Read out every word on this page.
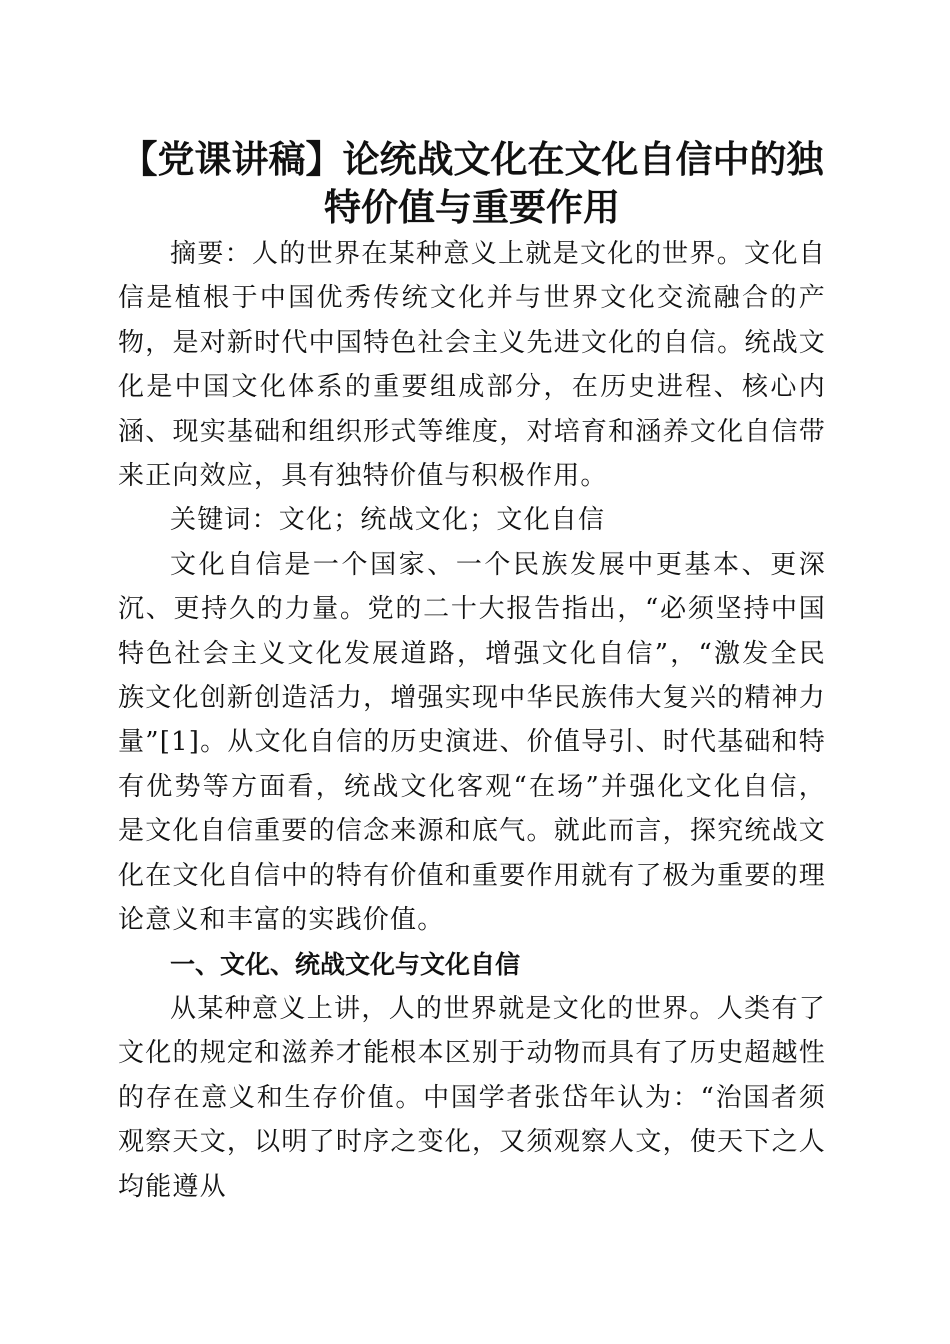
【党课讲稿】论统战文化在文化自信中的独特价值与重要作用

摘要：人的世界在某种意义上就是文化的世界。文化自信是植根于中国优秀传统文化并与世界文化交流融合的产物，是对新时代中国特色社会主义先进文化的自信。统战文化是中国文化体系的重要组成部分，在历史进程、核心内涵、现实基础和组织形式等维度，对培育和涵养文化自信带来正向效应，具有独特价值与积极作用。

关键词：文化；统战文化；文化自信

文化自信是一个国家、一个民族发展中更基本、更深沉、更持久的力量。党的二十大报告指出，“必须坚持中国特色社会主义文化发展道路，增强文化自信”，“激发全民族文化创新创造活力，增强实现中华民族伟大复兴的精神力量”[1]。从文化自信的历史演进、价值导引、时代基础和特有优势等方面看，统战文化客观“在场”并强化文化自信，是文化自信重要的信念来源和底气。就此而言，探究统战文化在文化自信中的特有价值和重要作用就有了极为重要的理论意义和丰富的实践价值。

一、文化、统战文化与文化自信

从某种意义上讲，人的世界就是文化的世界。人类有了文化的规定和滋养才能根本区别于动物而具有了历史超越性的存在意义和生存价值。中国学者张岱年认为：“治国者须观察天文，以明了时序之变化，又须观察人文，使天下之人均能遵从
